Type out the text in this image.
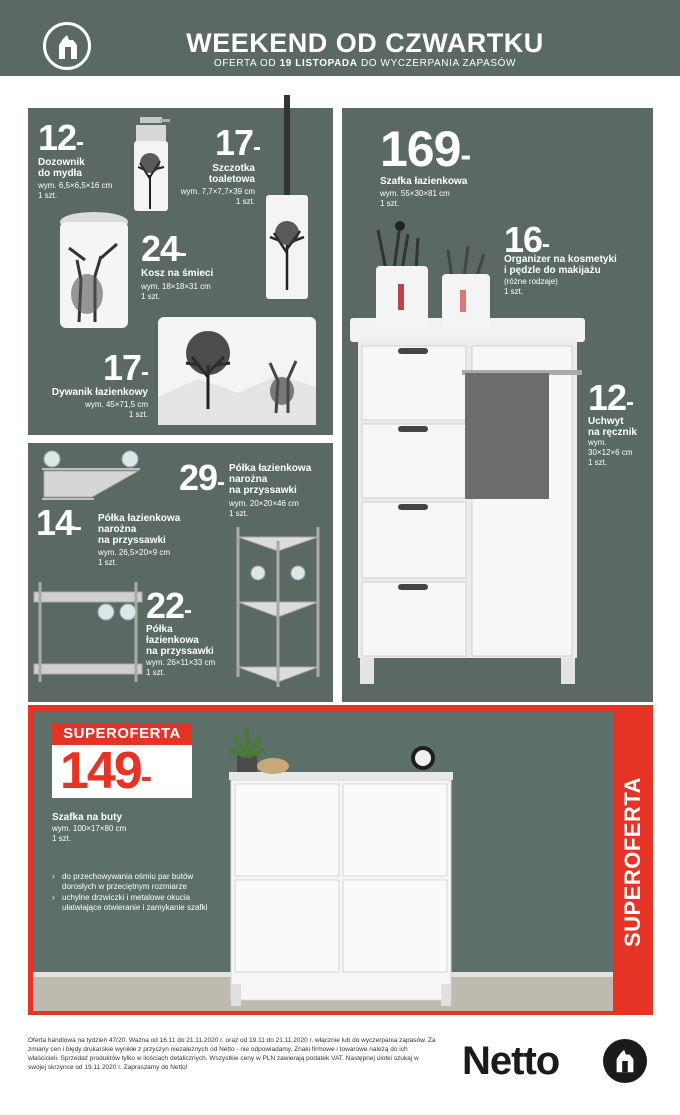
WEEKEND OD CZWARTKU
OFERTA OD 19 LISTOPADA DO WYCZERPANIA ZAPASÓW
12-
Dozownik
do mydła
wym. 6,5×6,5×16 cm
1 szt.
17-
Szczotka
toaletowa
wym. 7,7×7,7×39 cm
1 szt.
24-
Kosz na śmieci
wym. 18×18×31 cm
1 szt.
17-
Dywanik łazienkowy
wym. 45×71,5 cm
1 szt.
169-
Szafka łazienkowa
wym. 55×30×81 cm
1 szt.
16-
Organizer na kosmetyki
i pędzle do makijażu
(różne rodzaje)
1 szt.
12-
Uchwyt
na ręcznik
wym.
30×12×6 cm
1 szt.
29-
Półka łazienkowa
narożna
na przyssawki
wym. 20×20×46 cm
1 szt.
14- Półka łazienkowa
narożna
na przyssawki
wym. 26,5×20×9 cm
1 szt.
22-
Półka
łazienkowa
na przyssawki
wym. 26×11×33 cm
1 szt.
SUPEROFERTA
149-
Szafka na buty
wym. 100×17×80 cm
1 szt.
› do przechowywania ośmiu par butów dorosłych w przeciętnym rozmiarze
› uchylne drzwiczki i metalowe okucia ułatwiające otwieranie i zamykanie szafki	SUPEROFERTA
Oferta handlowa na tydzień 47/20. Ważna od 16.11 do 21.11.2020 r. oraz od 19.11 do 21.11.2020 r. włącznie lub do wyczerpania zapasów. Za zmiany cen i błędy drukarskie wynikłe z przyczyn niezależnych od Netto - nie odpowiadamy. Znaki firmowe i towarowe należą do ich właścicieli. Sprzedaż produktów tylko w ilościach detalicznych. Wszystkie ceny w PLN zawierają podatek VAT. Następnej ulotki szukaj w swojej skrzynce od 19.11.2020 r. Zapraszamy do Netto!	Netto
